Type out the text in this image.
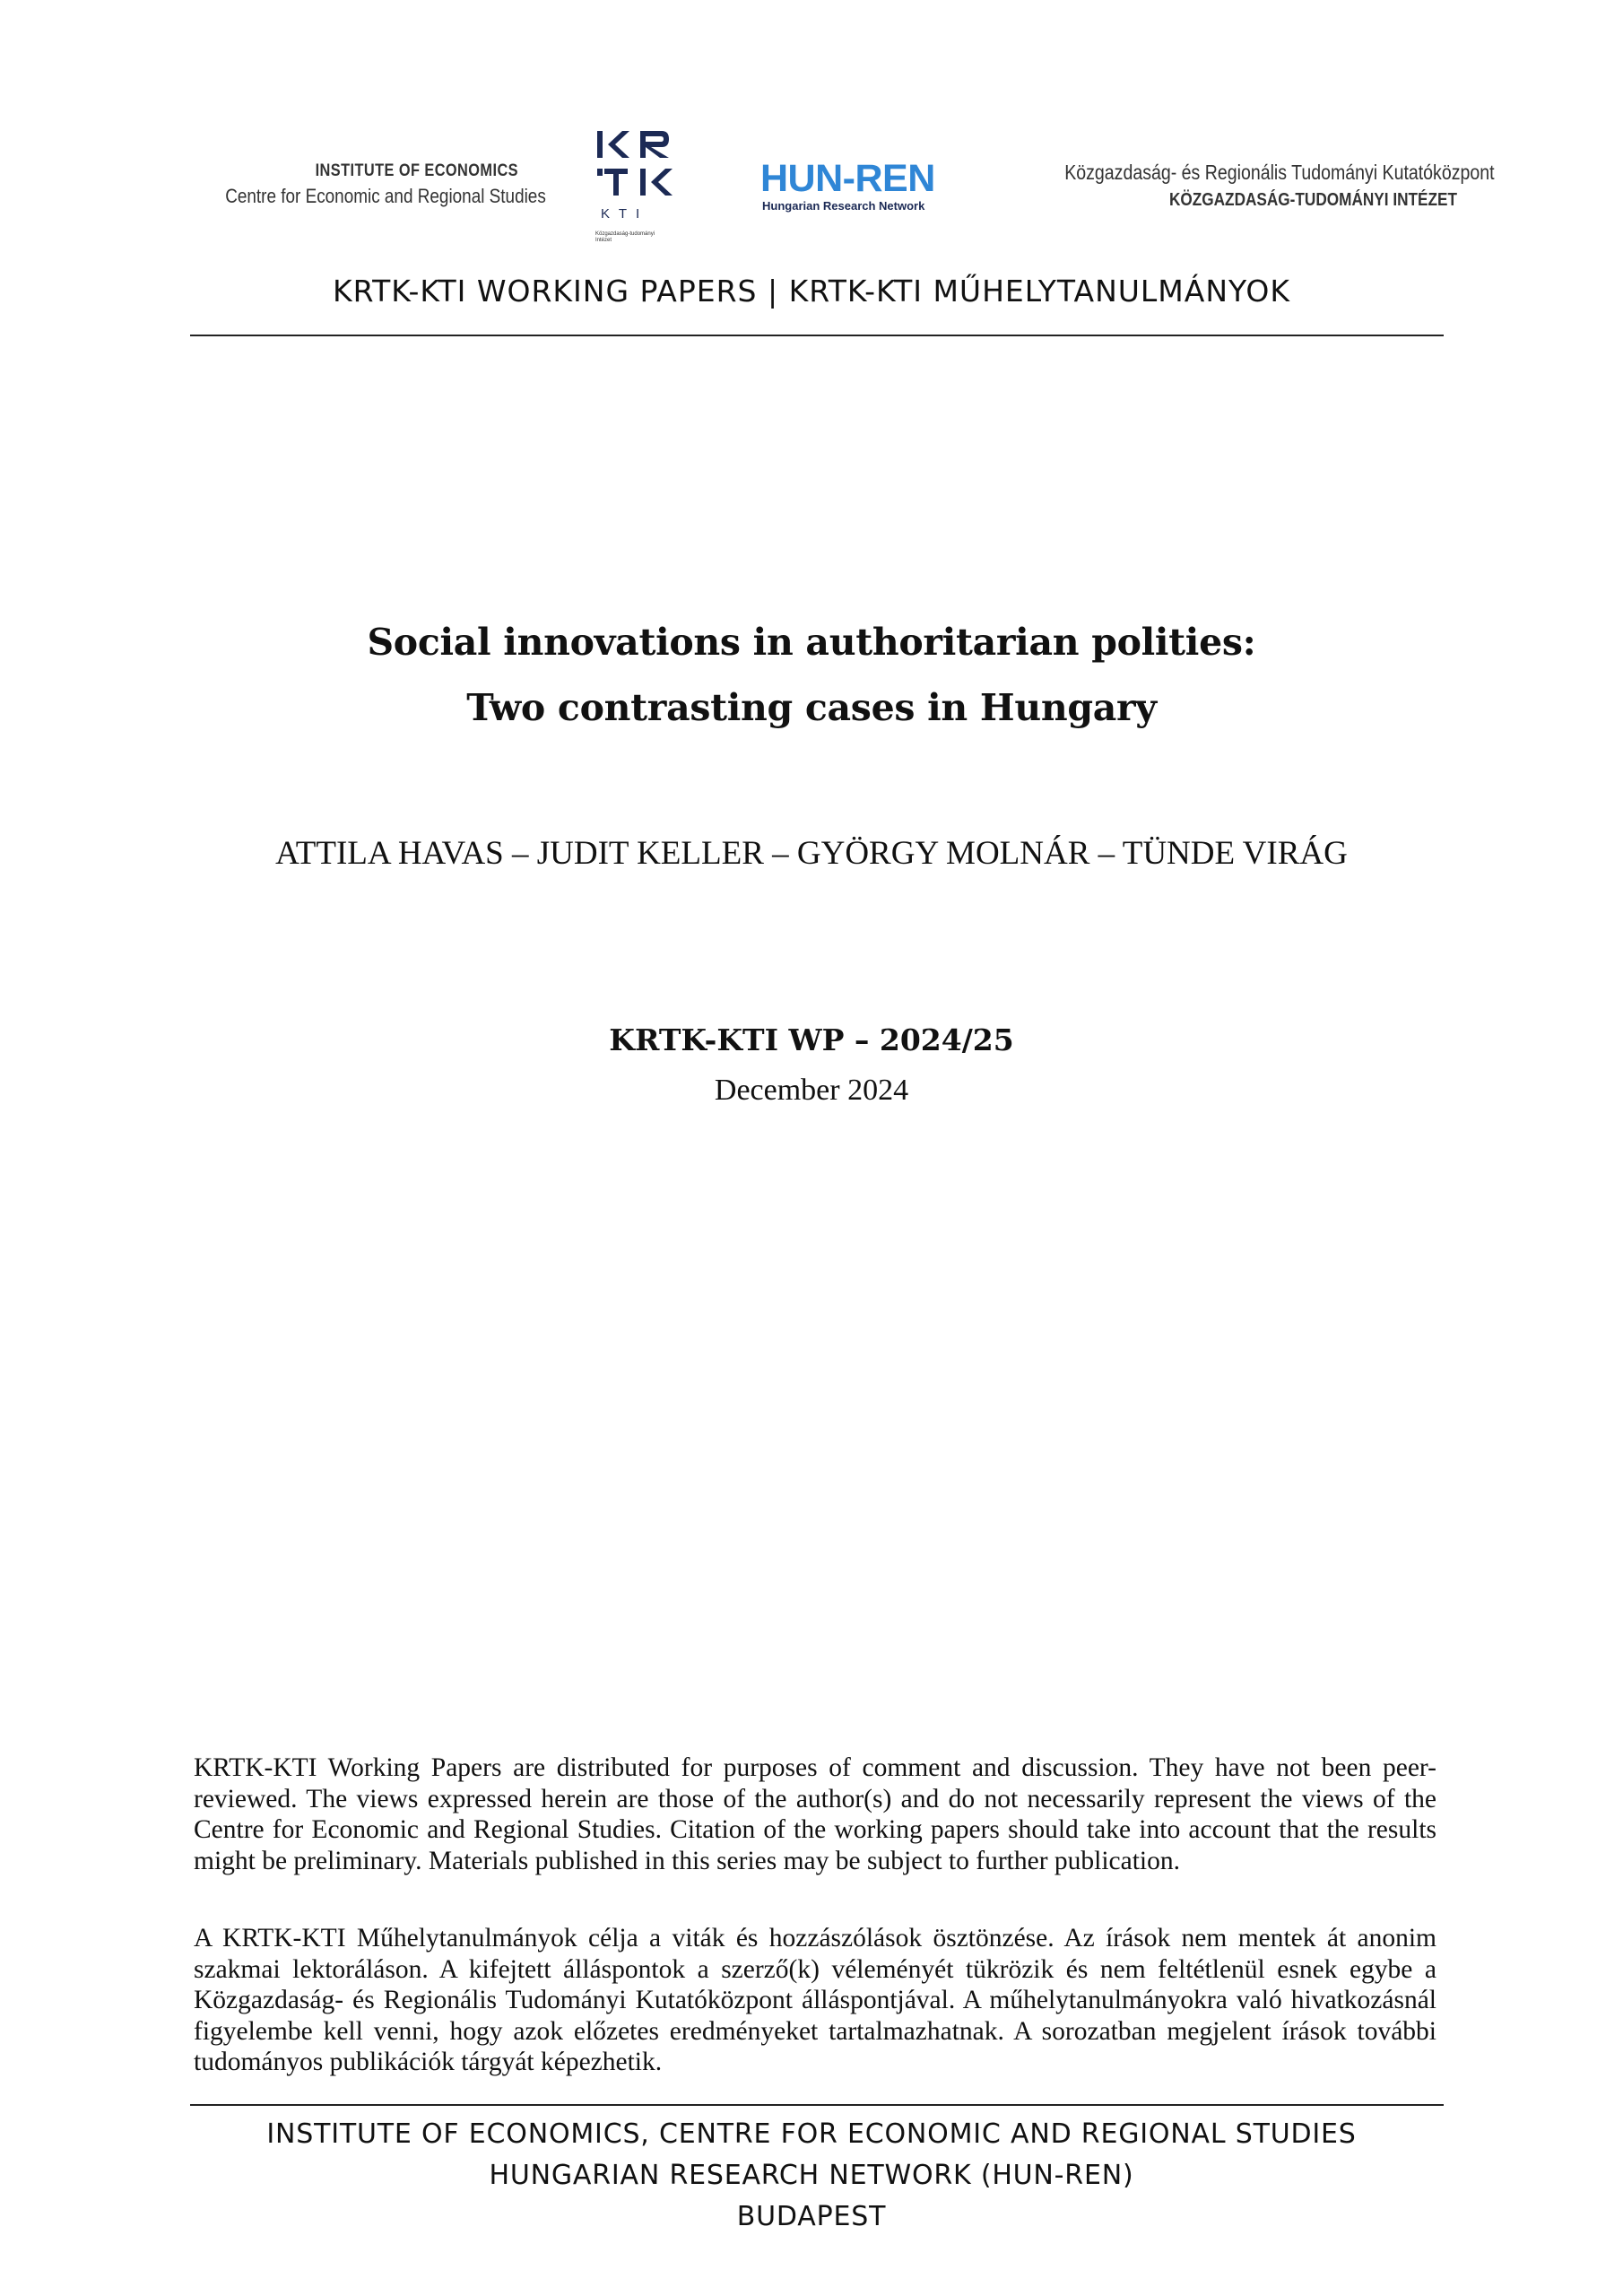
INSTITUTE OF ECONOMICS
Centre for Economic and Regional Studies
K T I
Közgazdaság-tudományi Intézet
HUN-REN
Hungarian Research Network
Közgazdaság- és Regionális Tudományi Kutatóközpont
KÖZGAZDASÁG-TUDOMÁNYI INTÉZET
KRTK-KTI WORKING PAPERS | KRTK-KTI MŰHELYTANULMÁNYOK
Social innovations in authoritarian polities:
Two contrasting cases in Hungary
ATTILA HAVAS – JUDIT KELLER – GYÖRGY MOLNÁR – TÜNDE VIRÁG
KRTK-KTI WP – 2024/25
December 2024
KRTK-KTI Working Papers are distributed for purposes of comment and discussion. They have not been peer-reviewed. The views expressed herein are those of the author(s) and do not necessarily represent the views of the Centre for Economic and Regional Studies. Citation of the working papers should take into account that the results might be preliminary. Materials published in this series may be subject to further publication.
A KRTK-KTI Műhelytanulmányok célja a viták és hozzászólások ösztönzése. Az írások nem mentek át anonim szakmai lektoráláson. A kifejtett álláspontok a szerző(k) véleményét tükrözik és nem feltétlenül esnek egybe a Közgazdaság- és Regionális Tudományi Kutatóközpont álláspontjával. A műhelytanulmányokra való hivatkozásnál figyelembe kell venni, hogy azok előzetes eredményeket tartalmazhatnak. A sorozatban megjelent írások további tudományos publikációk tárgyát képezhetik.
INSTITUTE OF ECONOMICS, CENTRE FOR ECONOMIC AND REGIONAL STUDIES
HUNGARIAN RESEARCH NETWORK (HUN-REN)
BUDAPEST
